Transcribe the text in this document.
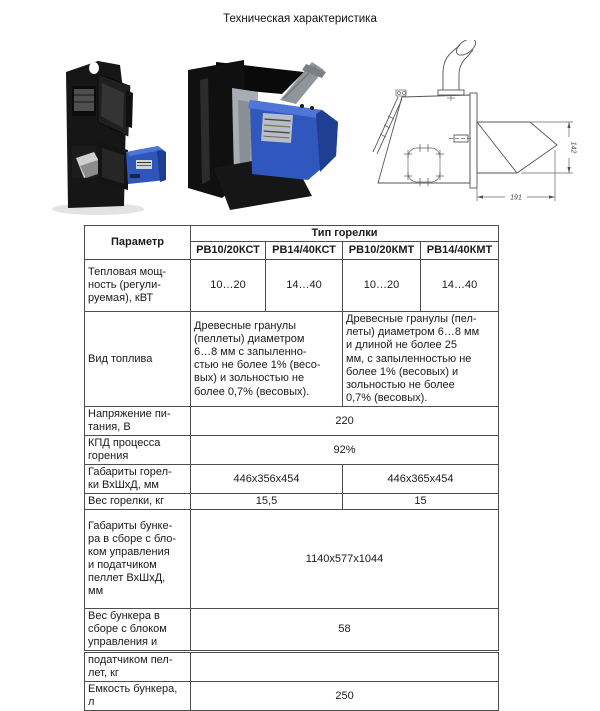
Техническая характеристика
142
191
Параметр	Тип горелки			
	РВ10/20КСТ	РВ14/40КСТ	РВ10/20КМТ	РВ14/40КМТ
Тепловая мощ-
ность (регули-
руемая), кВТ	10…20	14…40	10…20	14…40
Вид топлива	Древесные гранулы
(пеллеты) диаметром
6…8 мм с запыленно-
стью не более 1% (весо-
вых) и зольностью не
более 0,7% (весовых).	Древесные гранулы (пел-
леты) диаметром 6…8 мм
и длиной не более 25
мм, с запыленностью не
более 1% (весовых) и
зольностью не более
0,7% (весовых).
Напряжение пи-
тания, В	220			
КПД процесса
горения	92%			
Габариты горел-
ки ВхШхД, мм	446х356х454		446х365х454	
Вес горелки, кг	15,5		15	
Габариты бунке-
ра в сборе с бло-
ком управления
и податчиком
пеллет ВхШхД,
мм	1140х577х1044
Вес бункера в
сборе с блоком
управления и	58			
податчиком пел-
лет, кг				
Емкость бункера,
л	250			
